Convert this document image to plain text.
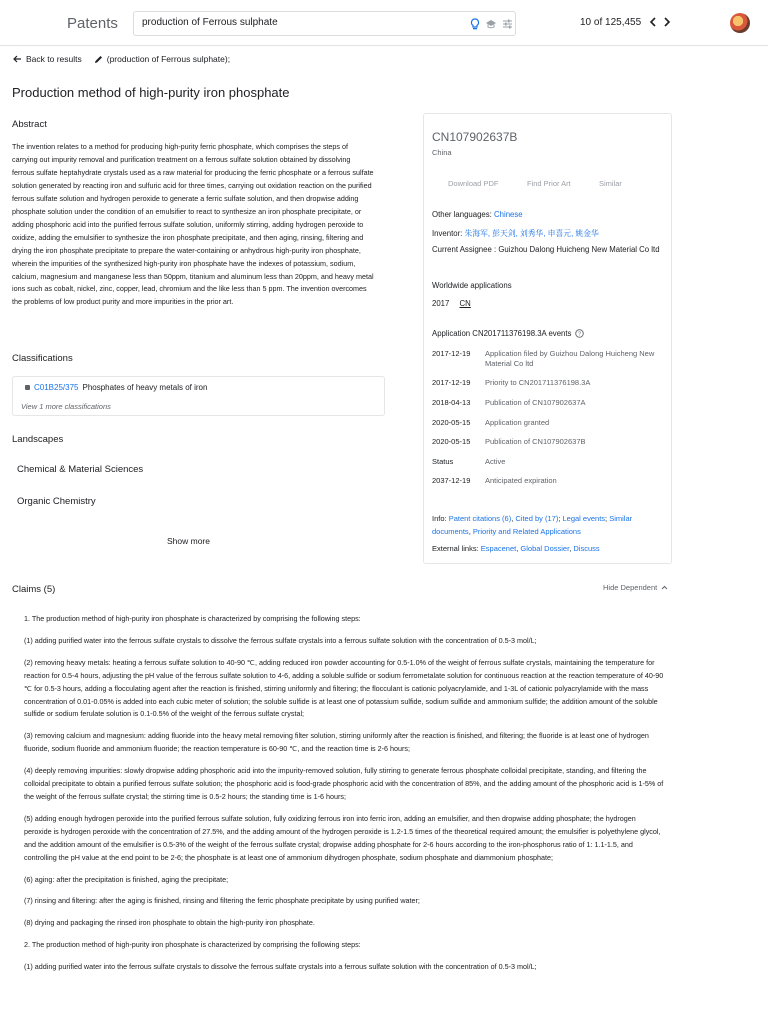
Patents production of Ferrous sulphate	10 of 125,455
Back to results	(production of Ferrous sulphate);
Production method of high-purity iron phosphate
Abstract
The invention relates to a method for producing high-purity ferric phosphate, which comprises the steps of carrying out impurity removal and purification treatment on a ferrous sulfate solution obtained by dissolving ferrous sulfate heptahydrate crystals used as a raw material for producing the ferric phosphate or a ferrous sulfate solution generated by reacting iron and sulfuric acid for three times, carrying out oxidation reaction on the purified ferrous sulfate solution and hydrogen peroxide to generate a ferric sulfate solution, and then dropwise adding phosphate solution under the condition of an emulsifier to react to synthesize an iron phosphate precipitate, or adding phosphoric acid into the purified ferrous sulfate solution, uniformly stirring, adding hydrogen peroxide to oxidize, adding the emulsifier to synthesize the iron phosphate precipitate, and then aging, rinsing, filtering and drying the iron phosphate precipitate to prepare the water-containing or anhydrous high-purity iron phosphate, wherein the impurities of the synthesized high-purity iron phosphate have the indexes of potassium, sodium, calcium, magnesium and manganese less than 50ppm, titanium and aluminum less than 20ppm, and heavy metal ions such as cobalt, nickel, zinc, copper, lead, chromium and the like less than 5 ppm. The invention overcomes the problems of low product purity and more impurities in the prior art.
Classifications
C01B25/375 Phosphates of heavy metals of iron
View 1 more classifications
Landscapes
Chemical & Material Sciences
Organic Chemistry
Show more
CN107902637B
China
Download PDF	Find Prior Art	Similar
Other languages: Chinese
Inventor: 朱海军, 彭天剑, 刘秀华, 申喜元, 姚金华
Current Assignee : Guizhou Dalong Huicheng New Material Co ltd
Worldwide applications
2017 CN
Application CN201711376198.3A events ?
2017-12-19 Application filed by Guizhou Dalong Huicheng New Material Co ltd
2017-12-19 Priority to CN201711376198.3A
2018-04-13 Publication of CN107902637A
2020-05-15 Application granted
2020-05-15 Publication of CN107902637B
Status	Active
2037-12-19 Anticipated expiration
Info: Patent citations (6), Cited by (17); Legal events; Similar documents, Priority and Related Applications
External links: Espacenet, Global Dossier, Discuss
Claims (5)	Hide Dependent

1. The production method of high-purity iron phosphate is characterized by comprising the following steps:

(1) adding purified water into the ferrous sulfate crystals to dissolve the ferrous sulfate crystals into a ferrous sulfate solution with the concentration of 0.5-3 mol/L;

(2) removing heavy metals: heating a ferrous sulfate solution to 40-90 ℃, adding reduced iron powder accounting for 0.5-1.0% of the weight of ferrous sulfate crystals, maintaining the temperature for reaction for 0.5-4 hours, adjusting the pH value of the ferrous sulfate solution to 4-6, adding a soluble sulfide or sodium ferrometalate solution for continuous reaction at the reaction temperature of 40-90 ℃ for 0.5-3 hours, adding a flocculating agent after the reaction is finished, stirring uniformly and filtering; the flocculant is cationic polyacrylamide, and 1-3L of cationic polyacrylamide with the mass concentration of 0.01-0.05% is added into each cubic meter of solution; the soluble sulfide is at least one of potassium sulfide, sodium sulfide and ammonium sulfide; the addition amount of the soluble sulfide or sodium ferulate solution is 0.1-0.5% of the weight of the ferrous sulfate crystal;

(3) removing calcium and magnesium: adding fluoride into the heavy metal removing filter solution, stirring uniformly after the reaction is finished, and filtering; the fluoride is at least one of hydrogen fluoride, sodium fluoride and ammonium fluoride; the reaction temperature is 60-90 ℃, and the reaction time is 2-6 hours;

(4) deeply removing impurities: slowly dropwise adding phosphoric acid into the impurity-removed solution, fully stirring to generate ferrous phosphate colloidal precipitate, standing, and filtering the colloidal precipitate to obtain a purified ferrous sulfate solution; the phosphoric acid is food-grade phosphoric acid with the concentration of 85%, and the adding amount of the phosphoric acid is 1-5% of the weight of the ferrous sulfate crystal; the stirring time is 0.5-2 hours; the standing time is 1-6 hours;

(5) adding enough hydrogen peroxide into the purified ferrous sulfate solution, fully oxidizing ferrous iron into ferric iron, adding an emulsifier, and then dropwise adding phosphate; the hydrogen peroxide is hydrogen peroxide with the concentration of 27.5%, and the adding amount of the hydrogen peroxide is 1.2-1.5 times of the theoretical required amount; the emulsifier is polyethylene glycol, and the addition amount of the emulsifier is 0.5-3% of the weight of the ferrous sulfate crystal; dropwise adding phosphate for 2-6 hours according to the iron-phosphorus ratio of 1: 1.1-1.5, and controlling the pH value at the end point to be 2-6; the phosphate is at least one of ammonium dihydrogen phosphate, sodium phosphate and diammonium phosphate;

(6) aging: after the precipitation is finished, aging the precipitate;

(7) rinsing and filtering: after the aging is finished, rinsing and filtering the ferric phosphate precipitate by using purified water;

(8) drying and packaging the rinsed iron phosphate to obtain the high-purity iron phosphate.

2. The production method of high-purity iron phosphate is characterized by comprising the following steps:

(1) adding purified water into the ferrous sulfate crystals to dissolve the ferrous sulfate crystals into a ferrous sulfate solution with the concentration of 0.5-3 mol/L;
